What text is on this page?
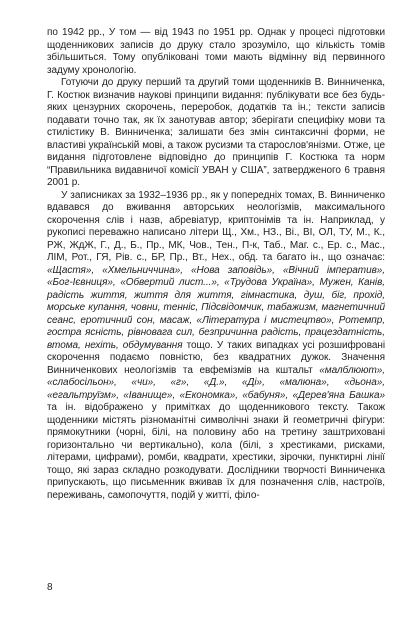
по 1942 рр., У том — від 1943 по 1951 рр. Однак у процесі підготовки щоденникових записів до друку стало зрозуміло, що кількість томів збільшиться. Тому опубліковані томи мають відмінну від первинного задуму хронологію.

Готуючи до друку перший та другий томи щоденників В. Винниченка, Г. Костюк визначив наукові принципи видання: публікувати все без будь-яких цензурних скорочень, переробок, додатків та ін.; тексти записів подавати точно так, як їх занотував автор; зберігати специфіку мови та стилістику В. Винниченка; залишати без змін синтаксичні форми, не властиві українській мові, а також русизми та старослов'янізми. Отже, це видання підготовлене відповідно до принципів Г. Костюка та норм “Правильника видавничої комісії УВАН у США”, затвердженого 6 травня 2001 р.

У записниках за 1932–1936 рр., як у попередніх томах, В. Винниченко вдавався до вживання авторських неологізмів, максимального скорочення слів і назв, абревіатур, криптонімів та ін. Наприклад, у рукописі переважно написано літери Щ., Хм., НЗ., Ві., ВІ, ОЛ, ТУ, М., К., РЖ, ЖдЖ, Г., Д., Б., Пр., МК, Чов., Тен., П-к, Таб., Маг. с., Ер. с., Мас., ЛІМ, Рот., ГЯ, Рів. с., БР, Пр., Вт., Нех., обд. та багато ін., що означає: «Щастя», «Хмельниччина», «Нова заповідь», «Вічний імператив», «Бог-Ієвниця», «Обвертий лист...», «Трудова Україна», Мужен, Канів, радість життя, життя для життя, гімнастика, душ, біг, прохід, морське купання, човни, тенніс, Підсвідомчик, табажизм, магнетичний сеанс, еротичний сон, масаж, «Література і мистецтво», Ротемпр, гостра ясність, рівновага сил, безпричинна радість, працездатність, втома, нехіть, обдумування тощо. У таких випадках усі розшифровані скорочення подаємо повністю, без квадратних дужок. Значення Винниченкових неологізмів та евфемізмів на кштальт «малблюют», «слабосільон», «чи», «г», «Д.», «Ді», «малюна», «дьона», «егальтруїзм», «Іванище», «Економка», «бабуня», «Дерев'яна Башка» та ін. відображено у примітках до щоденникового тексту. Також щоденники містять різноманітні символічні знаки й геометричні фігури: прямокутники (чорні, білі, на половину або на третину заштриховані горизонтально чи вертикально), кола (білі, з хрестиками, рисками, літерами, цифрами), ромби, квадрати, хрестики, зірочки, пунктирні лінії тощо, які зараз складно розкодувати. Дослідники творчості Винниченка припускають, що письменник вживав їх для позначення слів, настроїв, переживань, самопочуття, подій у житті, філо-

8
